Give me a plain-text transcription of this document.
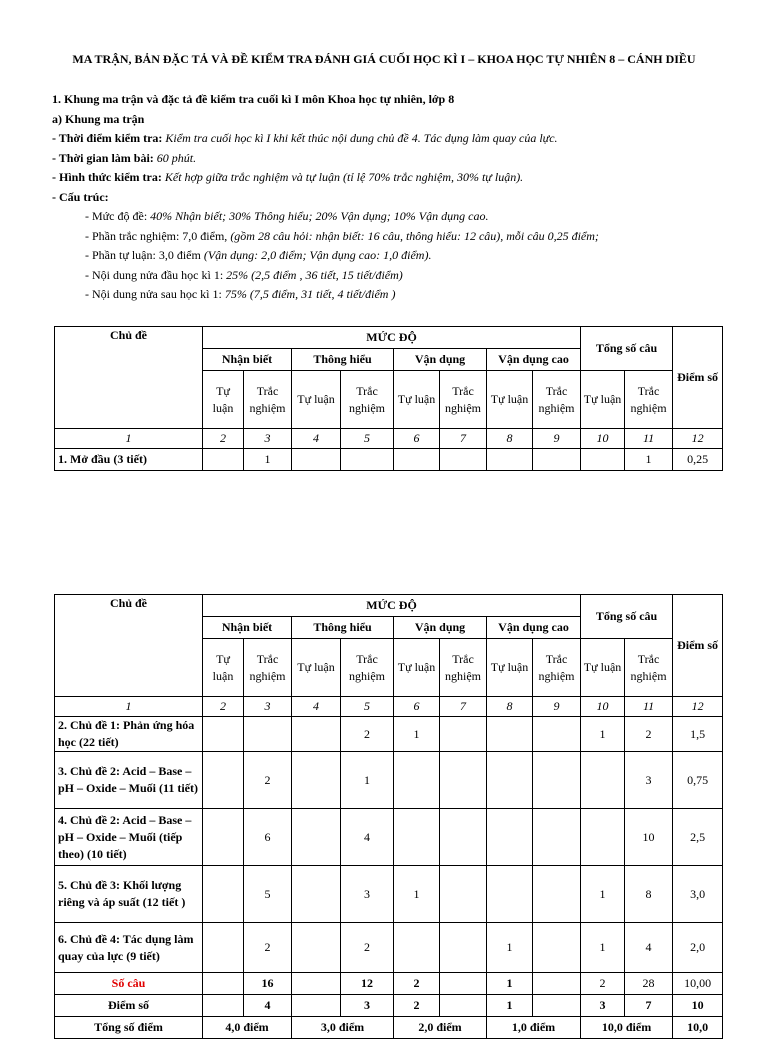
MA TRẬN, BẢN ĐẶC TẢ VÀ ĐỀ KIỂM TRA ĐÁNH GIÁ CUỐI HỌC KÌ I – KHOA HỌC TỰ NHIÊN 8 – CÁNH DIỀU
1. Khung ma trận và đặc tả đề kiểm tra cuối kì I môn Khoa học tự nhiên, lớp 8
a) Khung ma trận
- Thời điểm kiểm tra: Kiểm tra cuối học kì I khi kết thúc nội dung chủ đề 4. Tác dụng làm quay của lực.
- Thời gian làm bài: 60 phút.
- Hình thức kiểm tra: Kết hợp giữa trắc nghiệm và tự luận (tỉ lệ 70% trắc nghiệm, 30% tự luận).
- Cấu trúc:
- Mức độ đề: 40% Nhận biết; 30% Thông hiểu; 20% Vận dụng; 10% Vận dụng cao.
- Phần trắc nghiệm: 7,0 điểm, (gồm 28 câu hỏi: nhận biết: 16 câu, thông hiểu: 12 câu), mỗi câu 0,25 điểm;
- Phần tự luận: 3,0 điểm (Vận dụng: 2,0 điểm; Vận dụng cao: 1,0 điểm).
- Nội dung nửa đầu học kì 1: 25% (2,5 điểm , 36 tiết, 15 tiết/điểm)
- Nội dung nửa sau học kì 1: 75% (7,5 điểm, 31 tiết, 4 tiết/điểm )
Chủ đề	MỨC ĐỘ								Tổng số câu		Điểm số
	Nhận biết		Thông hiểu		Vận dụng		Vận dụng cao				
	Tự luận	Trắc nghiệm	Tự luận	Trắc nghiệm	Tự luận	Trắc nghiệm	Tự luận	Trắc nghiệm	Tự luận	Trắc nghiệm	
1	2	3	4	5	6	7	8	9	10	11	12
1. Mở đầu (3 tiết)		1								1	0,25
Chủ đề	MỨC ĐỘ								Tổng số câu		Điểm số
	Nhận biết		Thông hiểu		Vận dụng		Vận dụng cao				
	Tự luận	Trắc nghiệm	Tự luận	Trắc nghiệm	Tự luận	Trắc nghiệm	Tự luận	Trắc nghiệm	Tự luận	Trắc nghiệm	
1	2	3	4	5	6	7	8	9	10	11	12
2. Chủ đề 1: Phản ứng hóa học (22 tiết)				2	1				1	2	1,5
3. Chủ đề 2: Acid – Base – pH – Oxide – Muối (11 tiết)		2		1						3	0,75
4. Chủ đề 2: Acid – Base – pH – Oxide – Muối (tiếp theo) (10 tiết)		6		4						10	2,5
5. Chủ đề 3: Khối lượng riêng và áp suất (12 tiết )		5		3	1				1	8	3,0
6. Chủ đề 4: Tác dụng làm quay của lực (9 tiết)		2		2			1		1	4	2,0
Số câu		16		12	2		1		2	28	10,00
Điểm số		4		3	2		1		3	7	10
Tổng số điểm	4,0 điểm		3,0 điểm		2,0 điểm		1,0 điểm		10,0 điểm		10,0
